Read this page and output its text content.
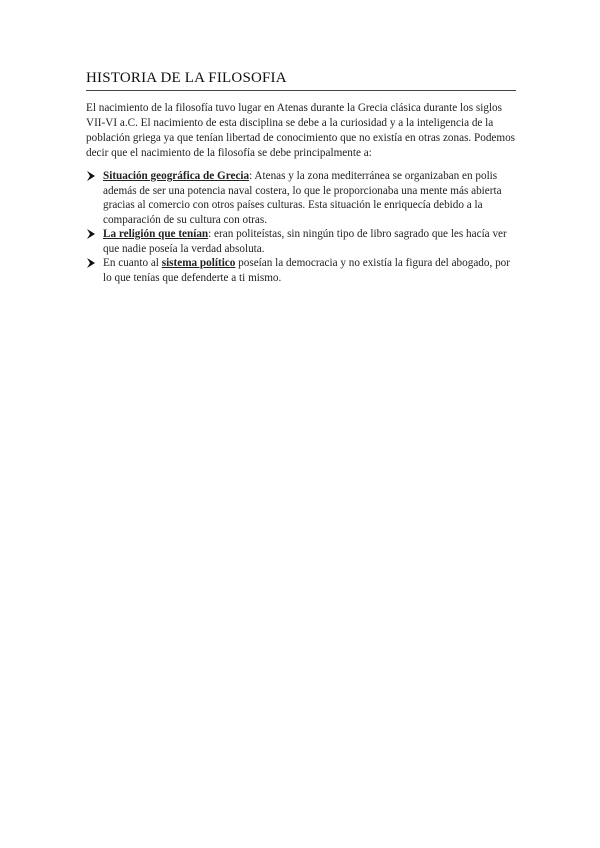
HISTORIA DE LA FILOSOFIA

El nacimiento de la filosofía tuvo lugar en Atenas durante la Grecia clásica durante los siglos VII-VI a.C. El nacimiento de esta disciplina se debe a la curiosidad y a la inteligencia de la población griega ya que tenían libertad de conocimiento que no existía en otras zonas. Podemos decir que el nacimiento de la filosofía se debe principalmente a:

Situación geográfica de Grecia: Atenas y la zona mediterránea se organizaban en polis además de ser una potencia naval costera, lo que le proporcionaba una mente más abierta gracias al comercio con otros países culturas. Esta situación le enriquecía debido a la comparación de su cultura con otras.
La religión que tenían: eran politeístas, sin ningún tipo de libro sagrado que les hacía ver que nadie poseía la verdad absoluta.
En cuanto al sistema político poseían la democracia y no existía la figura del abogado, por lo que tenías que defenderte a ti mismo.
